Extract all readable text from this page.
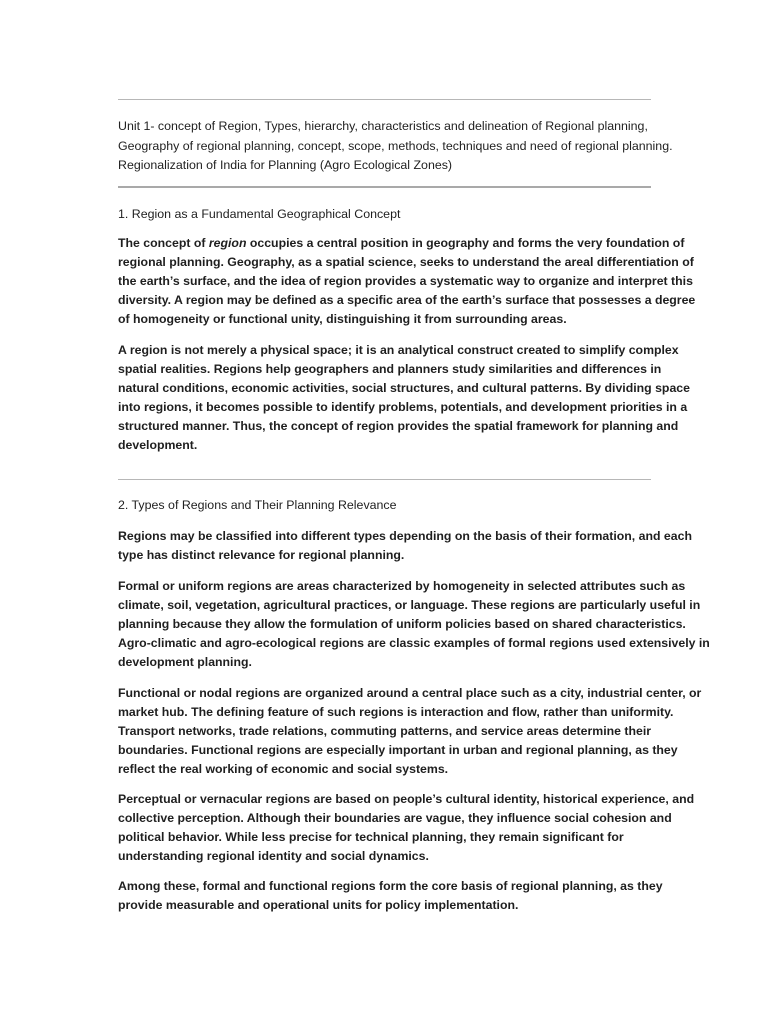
Unit 1- concept of Region, Types, hierarchy, characteristics and delineation of Regional planning,
Geography of regional planning, concept, scope, methods, techniques and need of regional planning.
Regionalization of India for Planning (Agro Ecological Zones)
1. Region as a Fundamental Geographical Concept
The concept of region occupies a central position in geography and forms the very foundation of
regional planning. Geography, as a spatial science, seeks to understand the areal differentiation of
the earth’s surface, and the idea of region provides a systematic way to organize and interpret this
diversity. A region may be defined as a specific area of the earth’s surface that possesses a degree
of homogeneity or functional unity, distinguishing it from surrounding areas.
A region is not merely a physical space; it is an analytical construct created to simplify complex
spatial realities. Regions help geographers and planners study similarities and differences in
natural conditions, economic activities, social structures, and cultural patterns. By dividing space
into regions, it becomes possible to identify problems, potentials, and development priorities in a
structured manner. Thus, the concept of region provides the spatial framework for planning and
development.
2. Types of Regions and Their Planning Relevance
Regions may be classified into different types depending on the basis of their formation, and each
type has distinct relevance for regional planning.
Formal or uniform regions are areas characterized by homogeneity in selected attributes such as
climate, soil, vegetation, agricultural practices, or language. These regions are particularly useful in
planning because they allow the formulation of uniform policies based on shared characteristics.
Agro-climatic and agro-ecological regions are classic examples of formal regions used extensively in
development planning.
Functional or nodal regions are organized around a central place such as a city, industrial center, or
market hub. The defining feature of such regions is interaction and flow, rather than uniformity.
Transport networks, trade relations, commuting patterns, and service areas determine their
boundaries. Functional regions are especially important in urban and regional planning, as they
reflect the real working of economic and social systems.
Perceptual or vernacular regions are based on people’s cultural identity, historical experience, and
collective perception. Although their boundaries are vague, they influence social cohesion and
political behavior. While less precise for technical planning, they remain significant for
understanding regional identity and social dynamics.
Among these, formal and functional regions form the core basis of regional planning, as they
provide measurable and operational units for policy implementation.
